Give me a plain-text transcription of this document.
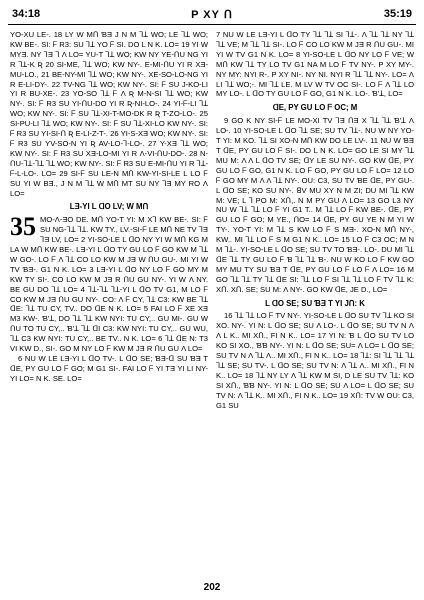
34:18	P XY Ո	35:19

YO-XU LE-. 18 LY W MՈ ƁƎ J N M ꓶꓕ WO; LE ꓶꓕ WO; KW BE-. SI: ᖴ R3: SU ꓶꓕ YO ᖴ SI. DO L N K. LO= 19 YI W MYƎ. NY ꓶƎ ꓶ Λ LO= YU-T ꓶꓕ WO; KW NY YE-ꓵU NG YI R ꓶꓕ-K Ʀ 20 SI-ME, ꓶꓕ WO; KW NY-. E-MI-ꓵU YI R XƎ-MU-LO., 21 BE-NY-MI ꓶꓕ WO; KW NY-. XE-SO-LO-NG YI R E-LI-DY-. 22 TV-NG ꓶꓕ WO; KW NY-. SI: ᖴ SU J-KO-LI YI R BU-XE-. 23 YO-SO ꓶꓕ ᖴ Λ Ʀ M-N-SI ꓶꓕ WO; KW NY-. SI: ᖴ R3 SU YI-ꓵU-DO YI R Ʀ-NI-LO-. 24 YI-ᖴ-LI ꓶꓕ WO; KW NY-. SI: ᖴ SU ꓶꓕ-XI-T-MO-DK R Ʀ T-ZO-LO-. 25 SI-PU-LI ꓶꓕ WO; KW NY-. SI: ᖴ SU ꓶꓕ-XI-LO KW NY-. SI: ᖴ R3 SU YI-SI-ꓵ Ʀ E-LI-Z-T-. 26 YI-S-XƎ WO; KW NY-. SI: ᖴ R3 SU YV-SO-N YI Ʀ AV-LO-ꓶ-LO-. 27 Y-XƎ ꓶꓕ WO; KW NY-. SI: ᖴ R3 SU XƎ-LO-MI YI R Λ-VI-ꓵU-DO-. 28 N-ꓵU-ꓶꓕ-ꓶꓕ ꓶꓕ WO; KW NY-. SI: ᖴ R3 SU E-MI-ꓵU YI R ꓶꓕ-ᖴ-L-LO-. LO= 29 SI-ᖴ SU LE-N MՈ KW-YI-SI-LE L LO ᖴ SU YI W BƎ., J N M ꓶꓕ W MՈ MT SU NY ꓶƎ MY RO Λ LO=

LƎ-YI L ꓷO LV; W MՈ

35 MO-Λ-ƎO DE. MՈ YO-T YI: M Xꓶ KW BE-. SI: ᖴ SU NG-ꓶꓕ ꓶꓕ. KW TY., LV.-SI-ᖴ LE MՈ NE TV ꓶƎ ꓶƎ LV, LO= 2 YI-SO-LE L ꓷO NY YI W MՈ KG M LA W MՈ KW BE-. LƎ-YI L ꓷO TY GU LO ᖴ GO KW M ꓶꓕ W GO-. LO ᖴ Λ ꓶꓕ CO LO KW M JƎ W ꓵU GU-. MI YI W TV ƁƎ-. G1 N K. LO= 3 LƎ-YI L ꓷO NY LO ᖴ GO MY M KW TY SI-. CO LO KW M JƎ R ꓵU GU NY-. YI W Λ NY. BE GU DO ꓶꓕ LO= 4 ꓶꓕ-ꓶꓕ ꓶꓕ-YI L ꓷO TV G1, M LO ᖴ CO KW M JƎ ꓵU GU NY-. CO: Λ ᖴ CY, ꓶꓕ C3: KW BE ꓶꓕ ꓷE: ꓶꓕ TU CY, TV.. DO ꓷE N K. LO= 5 FAI LO ᖴ XE XƎ M3 KW-. Ɓ'ꓕ, DO ꓶꓕ ꓶꓕ KW NYI: TU CY,.. GU MI-. GU W ꓵU TO TU CY,.. Ɓ'ꓕ ꓶꓕ ꓷI C3: KW NYI: TU CY,.. GU WU, ꓶꓕ C3 KW NYI: TU CY,.. BE TV.. N K. LO= 6 ꓶꓕ ꓷE N: T3 VI KW D., SI-. GO M NY LO ᖴ KW M JƎ R ꓵU GU Λ LO=

6 NU W LE LƎ-YI L ꓷO TV-. L ꓷO SE; ƁƎ-ꓷ SU ƁƎ T ꓷE, PY GU LO ᖴ GO; M G1 SI-. FAI LO ᖴ YI TƎ YI LI NY-YI LO= N K. SE. LO=

7 NU W LE LƎ-YI L ꓷO TY ꓶꓕ ꓶꓕ SI ꓶꓕ-. Λ ꓶꓕ ꓶꓕ NY ꓶꓕ ꓶꓕ VE; M ꓶꓕ ꓶꓕ SI-. LO ᖴ CO LO KW M JƎ R ꓵU GU-. MI YI W TV G1 N K. LO= 8 YI-SO-LE L ꓷO NY LO ᖴ VE; W MՈ KW ꓶꓕ TY LO TV G1 NA M LO ᖴ TV NY-. P XY MY-. NY MY: NYI R-. P XY NI-. NY NI. NYI R ꓶꓕ ꓶꓕ NY-. LO= Λ LI ꓶꓕ WO;-. MI ꓶꓕ LE. M LV W TV OC SI-. LO ᖴ Λ ꓶꓕ LO MY LO-. L ꓷO TY GU LO ᖴ GO, G1 N K. LO-. Ɓ'ꓕ, LO=

ꓷE, PY GU LO ᖴ OC; M

9 GO K NY SI-ᖴ LE MO-XI TV ꓶƎ ꓵƎ X ꓶꓕ ꓶꓕ Ɓ'ꓕ Λ LO-. 10 YI-SO-LE L ꓷO ꓶꓕ SE; SU TV ꓶꓕ-. NU W NY YO-T YI: M KO. ꓶꓕ SI XO-N MՈ KW DO LE LV-. 11 NU W ƁƎ T ꓷE, PY GU LO ᖴ SI-. DO L N K. LO= GO LE SI MY ꓶꓕ MU M: Λ Λ L ꓷO TV SE; ꓷY LE SU NY-. GO KW ꓷE, PY GU LO ᖴ GO, G1 N K. LO ᖴ GO, PY GU LO ᖴ LO= 12 LO ᖴ GO MY M Λ Λ ꓶꓕ NY-. OU: C3, SU TV ƁE ꓷE, PY GU-. L ꓷO SE; KO SU NY-. ꓭV MU XY N M ZI; DU MI ꓶꓕ KW M: VE; L ꓶ PO M: XՈ,. N M PY GU Λ LO= 13 GO L3 NY NU W ꓶꓕ ꓶꓕ LO ᖴ YI G1 T.. M ꓶꓕ LO ᖴ KW BE-. ꓷE, PY GU LO ᖴ GO; M YE., ꓵO= 14 ꓷE, PY GU YE N M YI W TY-. YO-T YI: M ꓶꓕ S KW LO ᖴ S MƎ-. XO-N MՈ NY-, KW.. MI ꓶꓕ LO ᖴ S M G1 N K.. LO= 15 LO ᖴ C3 OC; M N M ꓶꓕ-. YI-SO-LE L ꓷO SE; SU TV TO ƁƎ-. LO-. DU MI ꓶꓕ ꓷE ꓶꓕ TY GU LO ᖴ Ɓ ꓶꓕ ꓶꓕ Ɓ-. NU W KO LO ᖴ KW GO MY MU TY SU ƁƎ T ꓷE, PY GU LO ᖴ LO ᖴ Λ LO= 16 M GO ꓶꓕ ꓶꓕ TY ꓶꓕ ꓷE SI: ꓶꓕ LO ᖴ SI ꓶꓕ ꓶꓕ LO ᖴ TV ꓶꓕ K: XՈ. XՈ. SE; SU M: Λ NY-. GO KW ꓷE, JE D., LO=

L ꓷO SE; SU ƁƎ T YI JՈ: K

16 ꓶꓕ ꓶꓕ LO ᖴ TV NY-. YI-SO-LE L ꓷO SU TV ꓶꓕ KO SI XO. NY-. YI N: L ꓷO SE; SU Λ LO-. L ꓷO SE; SU TV N Λ Λ L K.. MI XՈ., FI N K.. LO= 17 YI N: Ɓ L ꓷO SU TV LO KO SI XO., ƁƁ NY-. YI N: L ꓷO SE; SU= Λ LO= L ꓷO SE; SU TV N Λ ꓶꓕ Λ.. MI XՈ., FI N K.. LO= 18 ꓶꓕ: SI ꓶꓕ ꓶꓕ ꓶꓕ ꓶꓕ SE; SU TV-. L ꓷO SE; SU TV N: Λ ꓶꓕ Λ.. MI XՈ., FI N K.. LO= 18 ꓶꓕ NY LY Λ ꓶꓕ KW M SI, D LE SU TV ꓶꓕ: KO SI XՈ., ƁƁ NY-. YI N: L ꓷO SE; SU Λ LO= L ꓷO SE; SU TV N: Λ ꓶꓕ K.. MI XՈ., FI N K.. LO= 19 XՈ: TV W OU: C3, G1 SU

202
